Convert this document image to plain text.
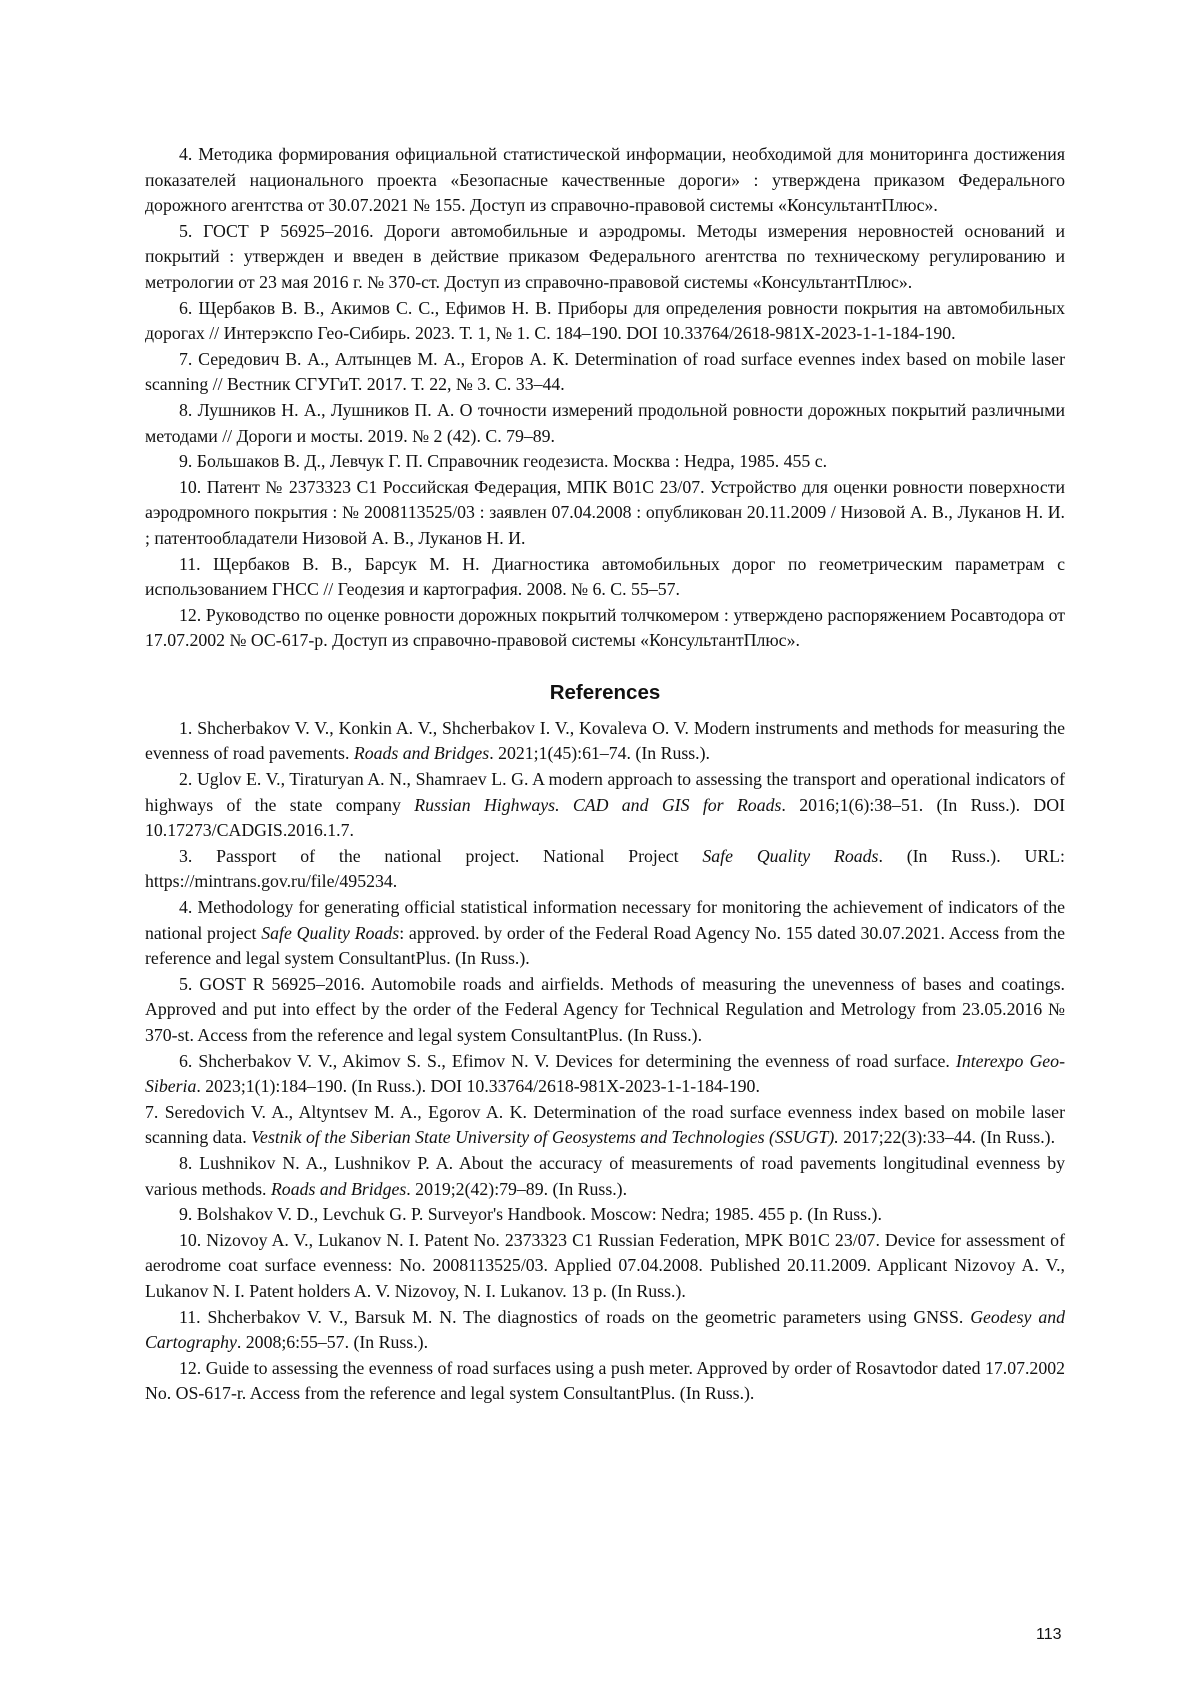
4. Методика формирования официальной статистической информации, необходимой для мониторинга достижения показателей национального проекта «Безопасные качественные дороги» : утверждена приказом Федерального дорожного агентства от 30.07.2021 № 155. Доступ из справочно-правовой системы «КонсультантПлюс».

5. ГОСТ Р 56925–2016. Дороги автомобильные и аэродромы. Методы измерения неровностей оснований и покрытий : утвержден и введен в действие приказом Федерального агентства по техническому регулированию и метрологии от 23 мая 2016 г. № 370-ст. Доступ из справочно-правовой системы «КонсультантПлюс».

6. Щербаков В. В., Акимов С. С., Ефимов Н. В. Приборы для определения ровности покрытия на автомобильных дорогах // Интерэкспо Гео-Сибирь. 2023. Т. 1, № 1. С. 184–190. DOI 10.33764/2618-981X-2023-1-1-184-190.

7. Середович В. А., Алтынцев М. А., Егоров А. К. Determination of road surface evennes index based on mobile laser scanning // Вестник СГУГиТ. 2017. Т. 22, № 3. С. 33–44.

8. Лушников Н. А., Лушников П. А. О точности измерений продольной ровности дорожных покрытий различными методами // Дороги и мосты. 2019. № 2 (42). С. 79–89.

9. Большаков В. Д., Левчук Г. П. Справочник геодезиста. Москва : Недра, 1985. 455 с.

10. Патент № 2373323 C1 Российская Федерация, МПК B01C 23/07. Устройство для оценки ровности поверхности аэродромного покрытия : № 2008113525/03 : заявлен 07.04.2008 : опубликован 20.11.2009 / Низовой А. В., Луканов Н. И. ; патентообладатели Низовой А. В., Луканов Н. И.

11. Щербаков В. В., Барсук М. Н. Диагностика автомобильных дорог по геометрическим параметрам с использованием ГНСС // Геодезия и картография. 2008. № 6. С. 55–57.

12. Руководство по оценке ровности дорожных покрытий толчкомером : утверждено распоряжением Росавтодора от 17.07.2002 № ОС-617-р. Доступ из справочно-правовой системы «КонсультантПлюс».

References

1. Shcherbakov V. V., Konkin A. V., Shcherbakov I. V., Kovaleva O. V. Modern instruments and methods for measuring the evenness of road pavements. Roads and Bridges. 2021;1(45):61–74. (In Russ.).

2. Uglov E. V., Tiraturyan A. N., Shamraev L. G. A modern approach to assessing the transport and operational indicators of highways of the state company Russian Highways. CAD and GIS for Roads. 2016;1(6):38–51. (In Russ.). DOI 10.17273/CADGIS.2016.1.7.

3. Passport of the national project. National Project Safe Quality Roads. (In Russ.). URL: https://mintrans.gov.ru/file/495234.

4. Methodology for generating official statistical information necessary for monitoring the achievement of indicators of the national project Safe Quality Roads: approved. by order of the Federal Road Agency No. 155 dated 30.07.2021. Access from the reference and legal system ConsultantPlus. (In Russ.).

5. GOST R 56925–2016. Automobile roads and airfields. Methods of measuring the unevenness of bases and coatings. Approved and put into effect by the order of the Federal Agency for Technical Regulation and Metrology from 23.05.2016 № 370-st. Access from the reference and legal system ConsultantPlus. (In Russ.).

6. Shcherbakov V. V., Akimov S. S., Efimov N. V. Devices for determining the evenness of road surface. Interexpo Geo-Siberia. 2023;1(1):184–190. (In Russ.). DOI 10.33764/2618-981X-2023-1-1-184-190.

7. Seredovich V. A., Altyntsev M. A., Egorov A. K. Determination of the road surface evenness index based on mobile laser scanning data. Vestnik of the Siberian State University of Geosystems and Technologies (SSUGT). 2017;22(3):33–44. (In Russ.).

8. Lushnikov N. A., Lushnikov P. A. About the accuracy of measurements of road pavements longitudinal evenness by various methods. Roads and Bridges. 2019;2(42):79–89. (In Russ.).

9. Bolshakov V. D., Levchuk G. P. Surveyor's Handbook. Moscow: Nedra; 1985. 455 p. (In Russ.).

10. Nizovoy A. V., Lukanov N. I. Patent No. 2373323 C1 Russian Federation, MPK B01C 23/07. Device for assessment of aerodrome coat surface evenness: No. 2008113525/03. Applied 07.04.2008. Published 20.11.2009. Applicant Nizovoy A. V., Lukanov N. I. Patent holders A. V. Nizovoy, N. I. Lukanov. 13 p. (In Russ.).

11. Shcherbakov V. V., Barsuk M. N. The diagnostics of roads on the geometric parameters using GNSS. Geodesy and Cartography. 2008;6:55–57. (In Russ.).

12. Guide to assessing the evenness of road surfaces using a push meter. Approved by order of Rosavtodor dated 17.07.2002 No. OS-617-r. Access from the reference and legal system ConsultantPlus. (In Russ.).

113
